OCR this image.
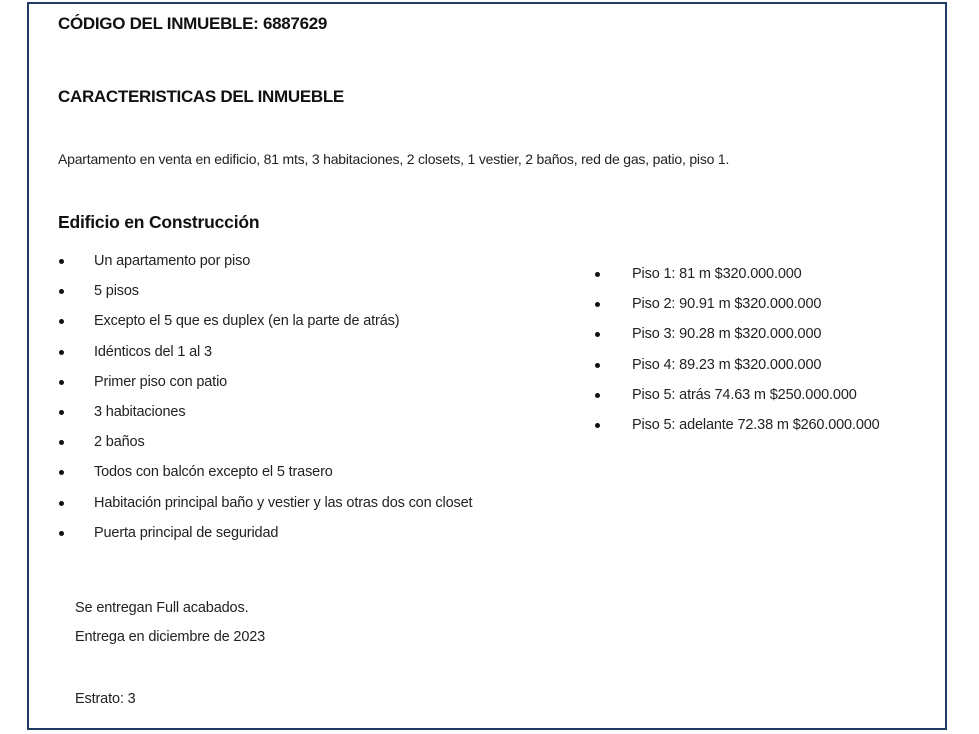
CÓDIGO DEL INMUEBLE: 6887629
CARACTERISTICAS DEL INMUEBLE
Apartamento en venta en edificio, 81 mts, 3 habitaciones, 2 closets, 1 vestier, 2 baños, red de gas, patio, piso 1.
Edificio en Construcción
Un apartamento por piso
5 pisos
Excepto el 5 que es duplex (en la parte de atrás)
Idénticos del 1 al 3
Primer piso con patio
3 habitaciones
2 baños
Todos con balcón excepto el 5 trasero
Habitación principal baño y vestier y las otras dos con closet
Puerta principal de seguridad
Piso 1: 81 m $320.000.000
Piso 2: 90.91 m $320.000.000
Piso 3: 90.28 m $320.000.000
Piso 4: 89.23 m $320.000.000
Piso 5: atrás 74.63 m $250.000.000
Piso 5: adelante 72.38 m $260.000.000
Se entregan Full acabados.
Entrega en diciembre de 2023
Estrato: 3
